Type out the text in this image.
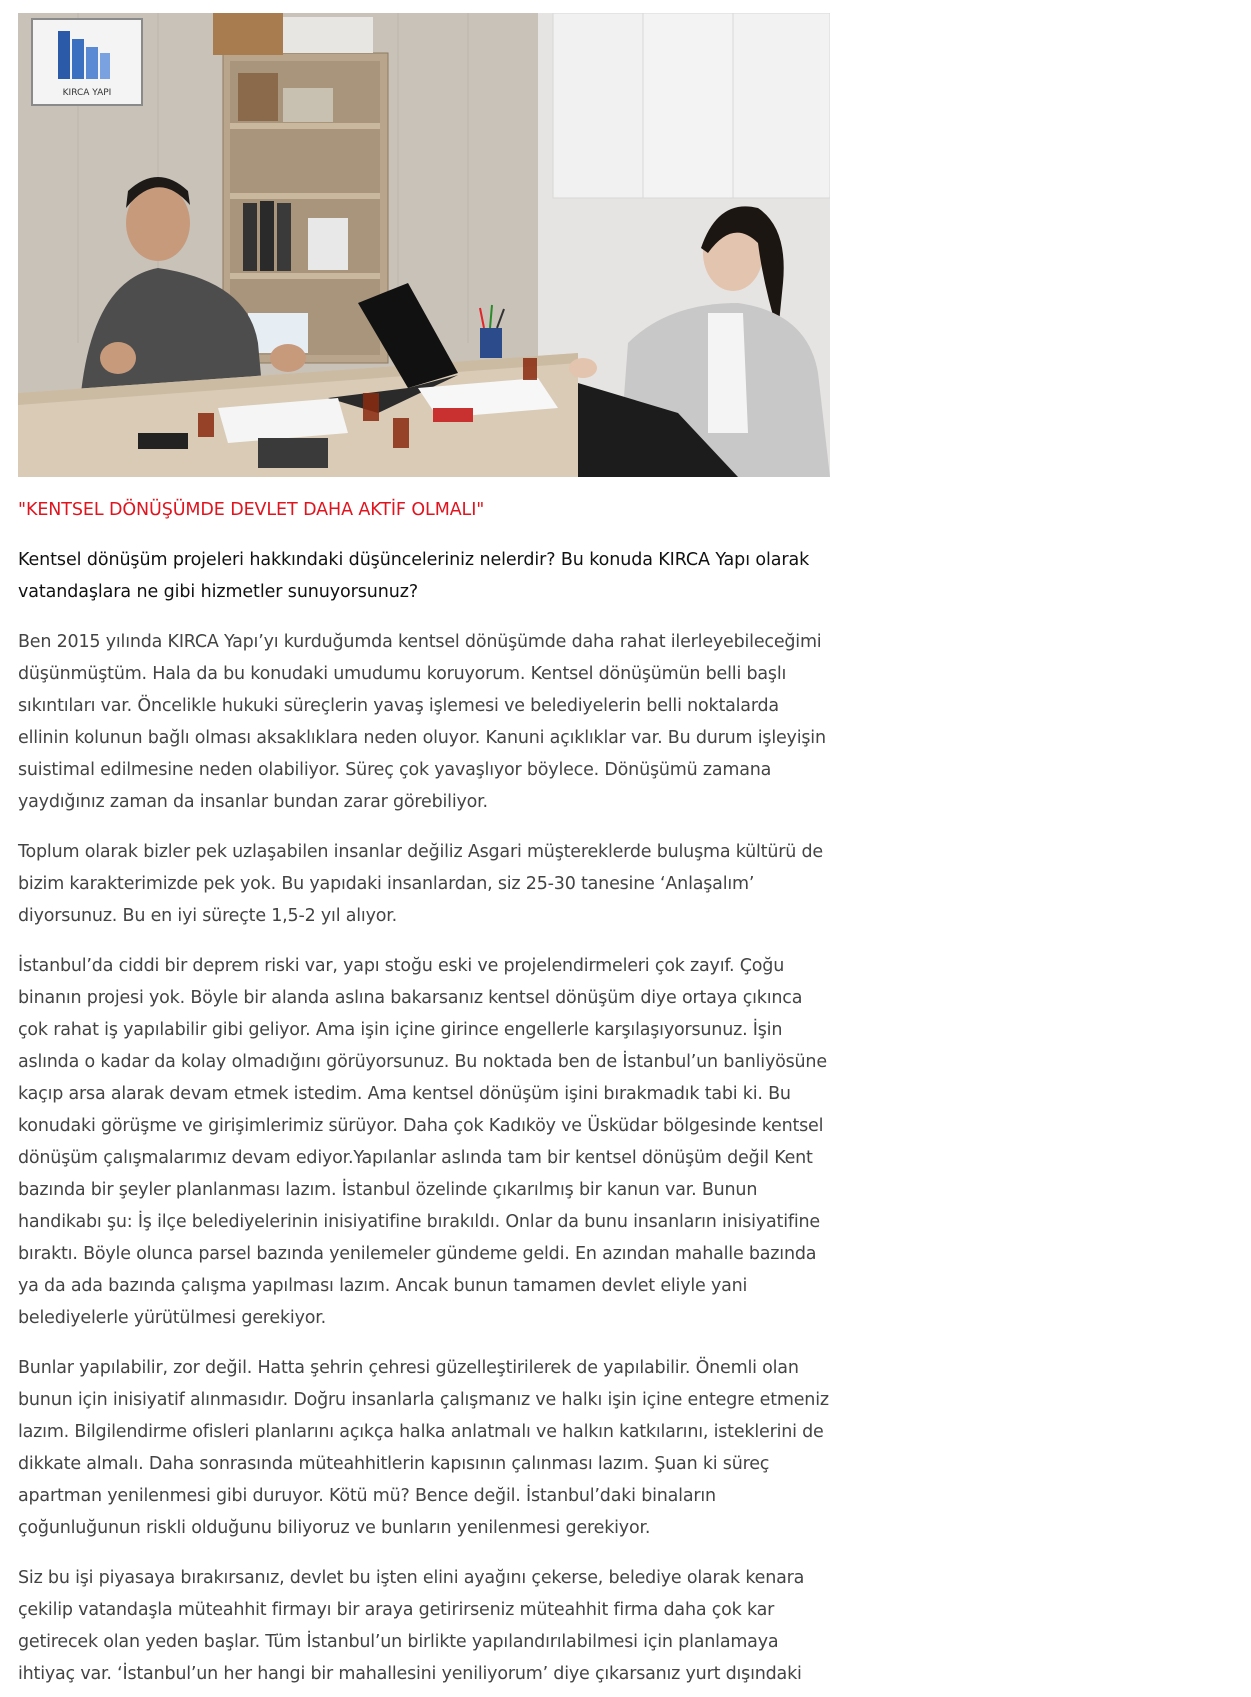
KIRCA YAPI
"KENTSEL DÖNÜŞÜMDE DEVLET DAHA AKTİF OLMALI"

Kentsel dönüşüm projeleri hakkındaki düşünceleriniz nelerdir? Bu konuda KIRCA Yapı olarak vatandaşlara ne gibi hizmetler sunuyorsunuz?

Ben 2015 yılında KIRCA Yapı’yı kurduğumda kentsel dönüşümde daha rahat ilerleyebileceğimi düşünmüştüm. Hala da bu konudaki umudumu koruyorum. Kentsel dönüşümün belli başlı sıkıntıları var. Öncelikle hukuki süreçlerin yavaş işlemesi ve belediyelerin belli noktalarda ellinin kolunun bağlı olması aksaklıklara neden oluyor. Kanuni açıklıklar var. Bu durum işleyişin suistimal edilmesine neden olabiliyor. Süreç çok yavaşlıyor böylece. Dönüşümü zamana yaydığınız zaman da insanlar bundan zarar görebiliyor.

Toplum olarak bizler pek uzlaşabilen insanlar değiliz Asgari müştereklerde buluşma kültürü de bizim karakterimizde pek yok. Bu yapıdaki insanlardan, siz 25-30 tanesine ‘Anlaşalım’ diyorsunuz. Bu en iyi süreçte 1,5-2 yıl alıyor.

İstanbul’da ciddi bir deprem riski var, yapı stoğu eski ve projelendirmeleri çok zayıf. Çoğu binanın projesi yok. Böyle bir alanda aslına bakarsanız kentsel dönüşüm diye ortaya çıkınca çok rahat iş yapılabilir gibi geliyor. Ama işin içine girince engellerle karşılaşıyorsunuz. İşin aslında o kadar da kolay olmadığını görüyorsunuz. Bu noktada ben de İstanbul’un banliyösüne kaçıp arsa alarak devam etmek istedim. Ama kentsel dönüşüm işini bırakmadık tabi ki. Bu konudaki görüşme ve girişimlerimiz sürüyor. Daha çok Kadıköy ve Üsküdar bölgesinde kentsel dönüşüm çalışmalarımız devam ediyor.Yapılanlar aslında tam bir kentsel dönüşüm değil Kent bazında bir şeyler planlanması lazım. İstanbul özelinde çıkarılmış bir kanun var. Bunun handikabı şu: İş ilçe belediyelerinin inisiyatifine bırakıldı. Onlar da bunu insanların inisiyatifine bıraktı. Böyle olunca parsel bazında yenilemeler gündeme geldi. En azından mahalle bazında ya da ada bazında çalışma yapılması lazım. Ancak bunun tamamen devlet eliyle yani belediyelerle yürütülmesi gerekiyor.

Bunlar yapılabilir, zor değil. Hatta şehrin çehresi güzelleştirilerek de yapılabilir. Önemli olan bunun için inisiyatif alınmasıdır. Doğru insanlarla çalışmanız ve halkı işin içine entegre etmeniz lazım. Bilgilendirme ofisleri planlarını açıkça halka anlatmalı ve halkın katkılarını, isteklerini de dikkate almalı. Daha sonrasında müteahhitlerin kapısının çalınması lazım. Şuan ki süreç apartman yenilenmesi gibi duruyor. Kötü mü? Bence değil. İstanbul’daki binaların çoğunluğunun riskli olduğunu biliyoruz ve bunların yenilenmesi gerekiyor.

Siz bu işi piyasaya bırakırsanız, devlet bu işten elini ayağını çekerse, belediye olarak kenara çekilip vatandaşla müteahhit firmayı bir araya getirirseniz müteahhit firma daha çok kar getirecek olan yeden başlar. Tüm İstanbul’un birlikte yapılandırılabilmesi için planlamaya ihtiyaç var. ‘İstanbul’un her hangi bir mahallesini yeniliyorum’ diye çıkarsanız yurt dışındaki
